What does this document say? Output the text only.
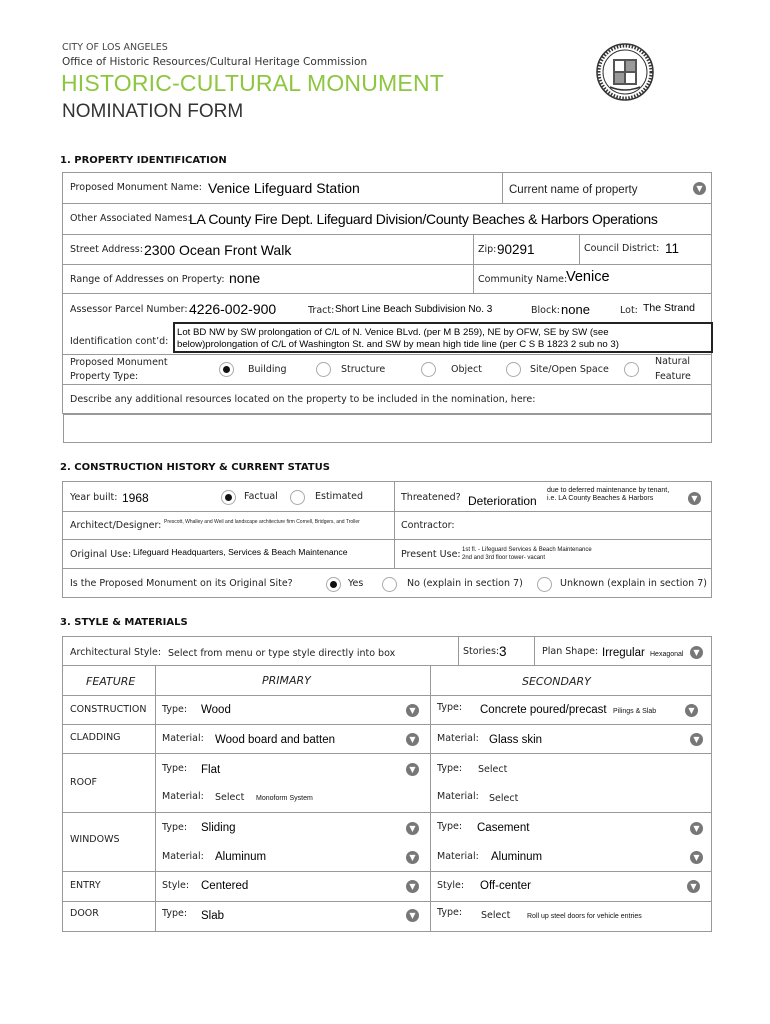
CITY OF LOS ANGELES
Office of Historic Resources/Cultural Heritage Commission
HISTORIC-CULTURAL MONUMENT
NOMINATION FORM
1. PROPERTY IDENTIFICATION
Proposed Monument Name: Venice Lifeguard Station	Current name of property	▼
Other Associated Names:
LA County Fire Dept. Lifeguard Division/County Beaches & Harbors Operations
Street Address: 2300 Ocean Front Walk	Zip: 90291	Council District: 11
Range of Addresses on Property: none	Community Name:
Venice
Assessor Parcel Number: 4226-002-900	Tract: Short Line Beach Subdivision No. 3	Block: none	Lot: The Strand
Identification cont’d:
Lot BD NW by SW prolongation of C/L of N. Venice BLvd. (per M B 259), NE by OFW, SE by SW (see
below)prolongation of C/L of Washington St. and SW by mean high tide line (per C S B 1823 2 sub no 3)
Proposed Monument
Property Type:
Building	Structure	Object	Site/Open Space
Natural
Feature
Describe any additional resources located on the property to be included in the nomination, here:
2. CONSTRUCTION HISTORY & CURRENT STATUS
Year built: 1968	Factual	Estimated	Threatened? Deterioration
due to deferred maintenance by tenant, i.e. LA County Beaches & Harbors	▼
Architect/Designer: Prescott, Whalley and Weil and landscape architecture firm Cornell, Bridgers, and Troller	Contractor:
Original Use: Lifeguard Headquarters, Services & Beach Maintenance	Present Use: 1st fl. - Lifeguard Services & Beach Maintenance
2nd and 3rd floor tower- vacant
Is the Proposed Monument on its Original Site?	Yes	No (explain in section 7)	Unknown (explain in section 7)
3. STYLE & MATERIALS
Architectural Style: Select from menu or type style directly into box	Stories: 3	Plan Shape: Irregular Hexagonal	▼
FEATURE	PRIMARY	SECONDARY
CONSTRUCTION Type: Wood	▼	Type: Concrete poured/precast Pilings & Slab	▼
CLADDING	Material: Wood board and batten	▼	Material: Glass skin	▼
ROOF
Type: Flat	▼	Type: Select
Material: Select Monoform System	Material: Select
WINDOWS
Type: Sliding	▼	Type: Casement	▼
Material: Aluminum	▼	Material: Aluminum	▼
ENTRY	Style: Centered	▼	Style: Off-center	▼
DOOR	Type: Slab	▼	Type: Select Roll up steel doors for vehicle entries
